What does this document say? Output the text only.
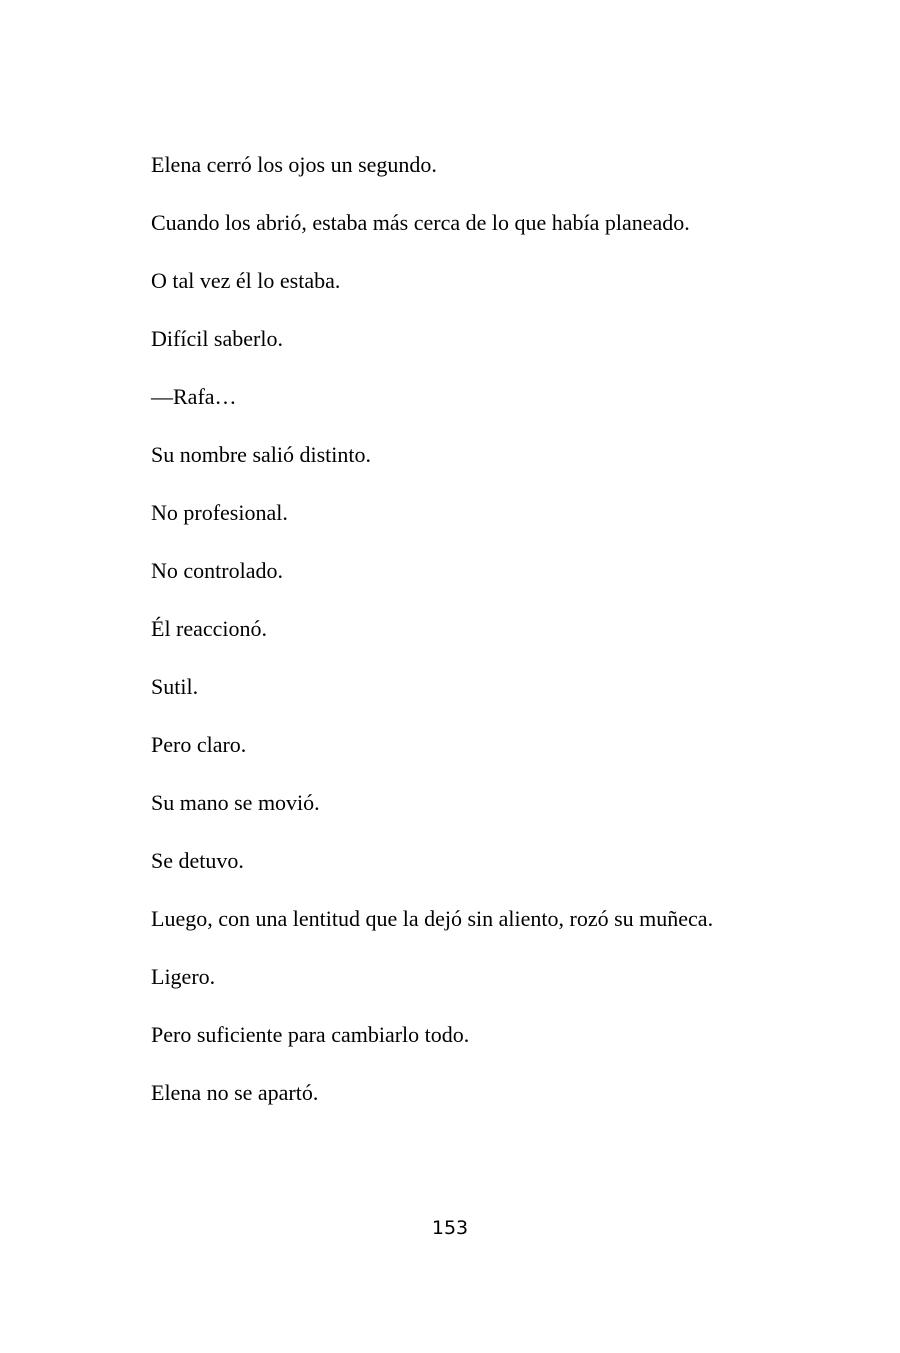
Elena cerró los ojos un segundo.

Cuando los abrió, estaba más cerca de lo que había planeado.

O tal vez él lo estaba.

Difícil saberlo.

—Rafa…

Su nombre salió distinto.

No profesional.

No controlado.

Él reaccionó.

Sutil.

Pero claro.

Su mano se movió.

Se detuvo.

Luego, con una lentitud que la dejó sin aliento, rozó su muñeca.

Ligero.

Pero suficiente para cambiarlo todo.

Elena no se apartó.

153
